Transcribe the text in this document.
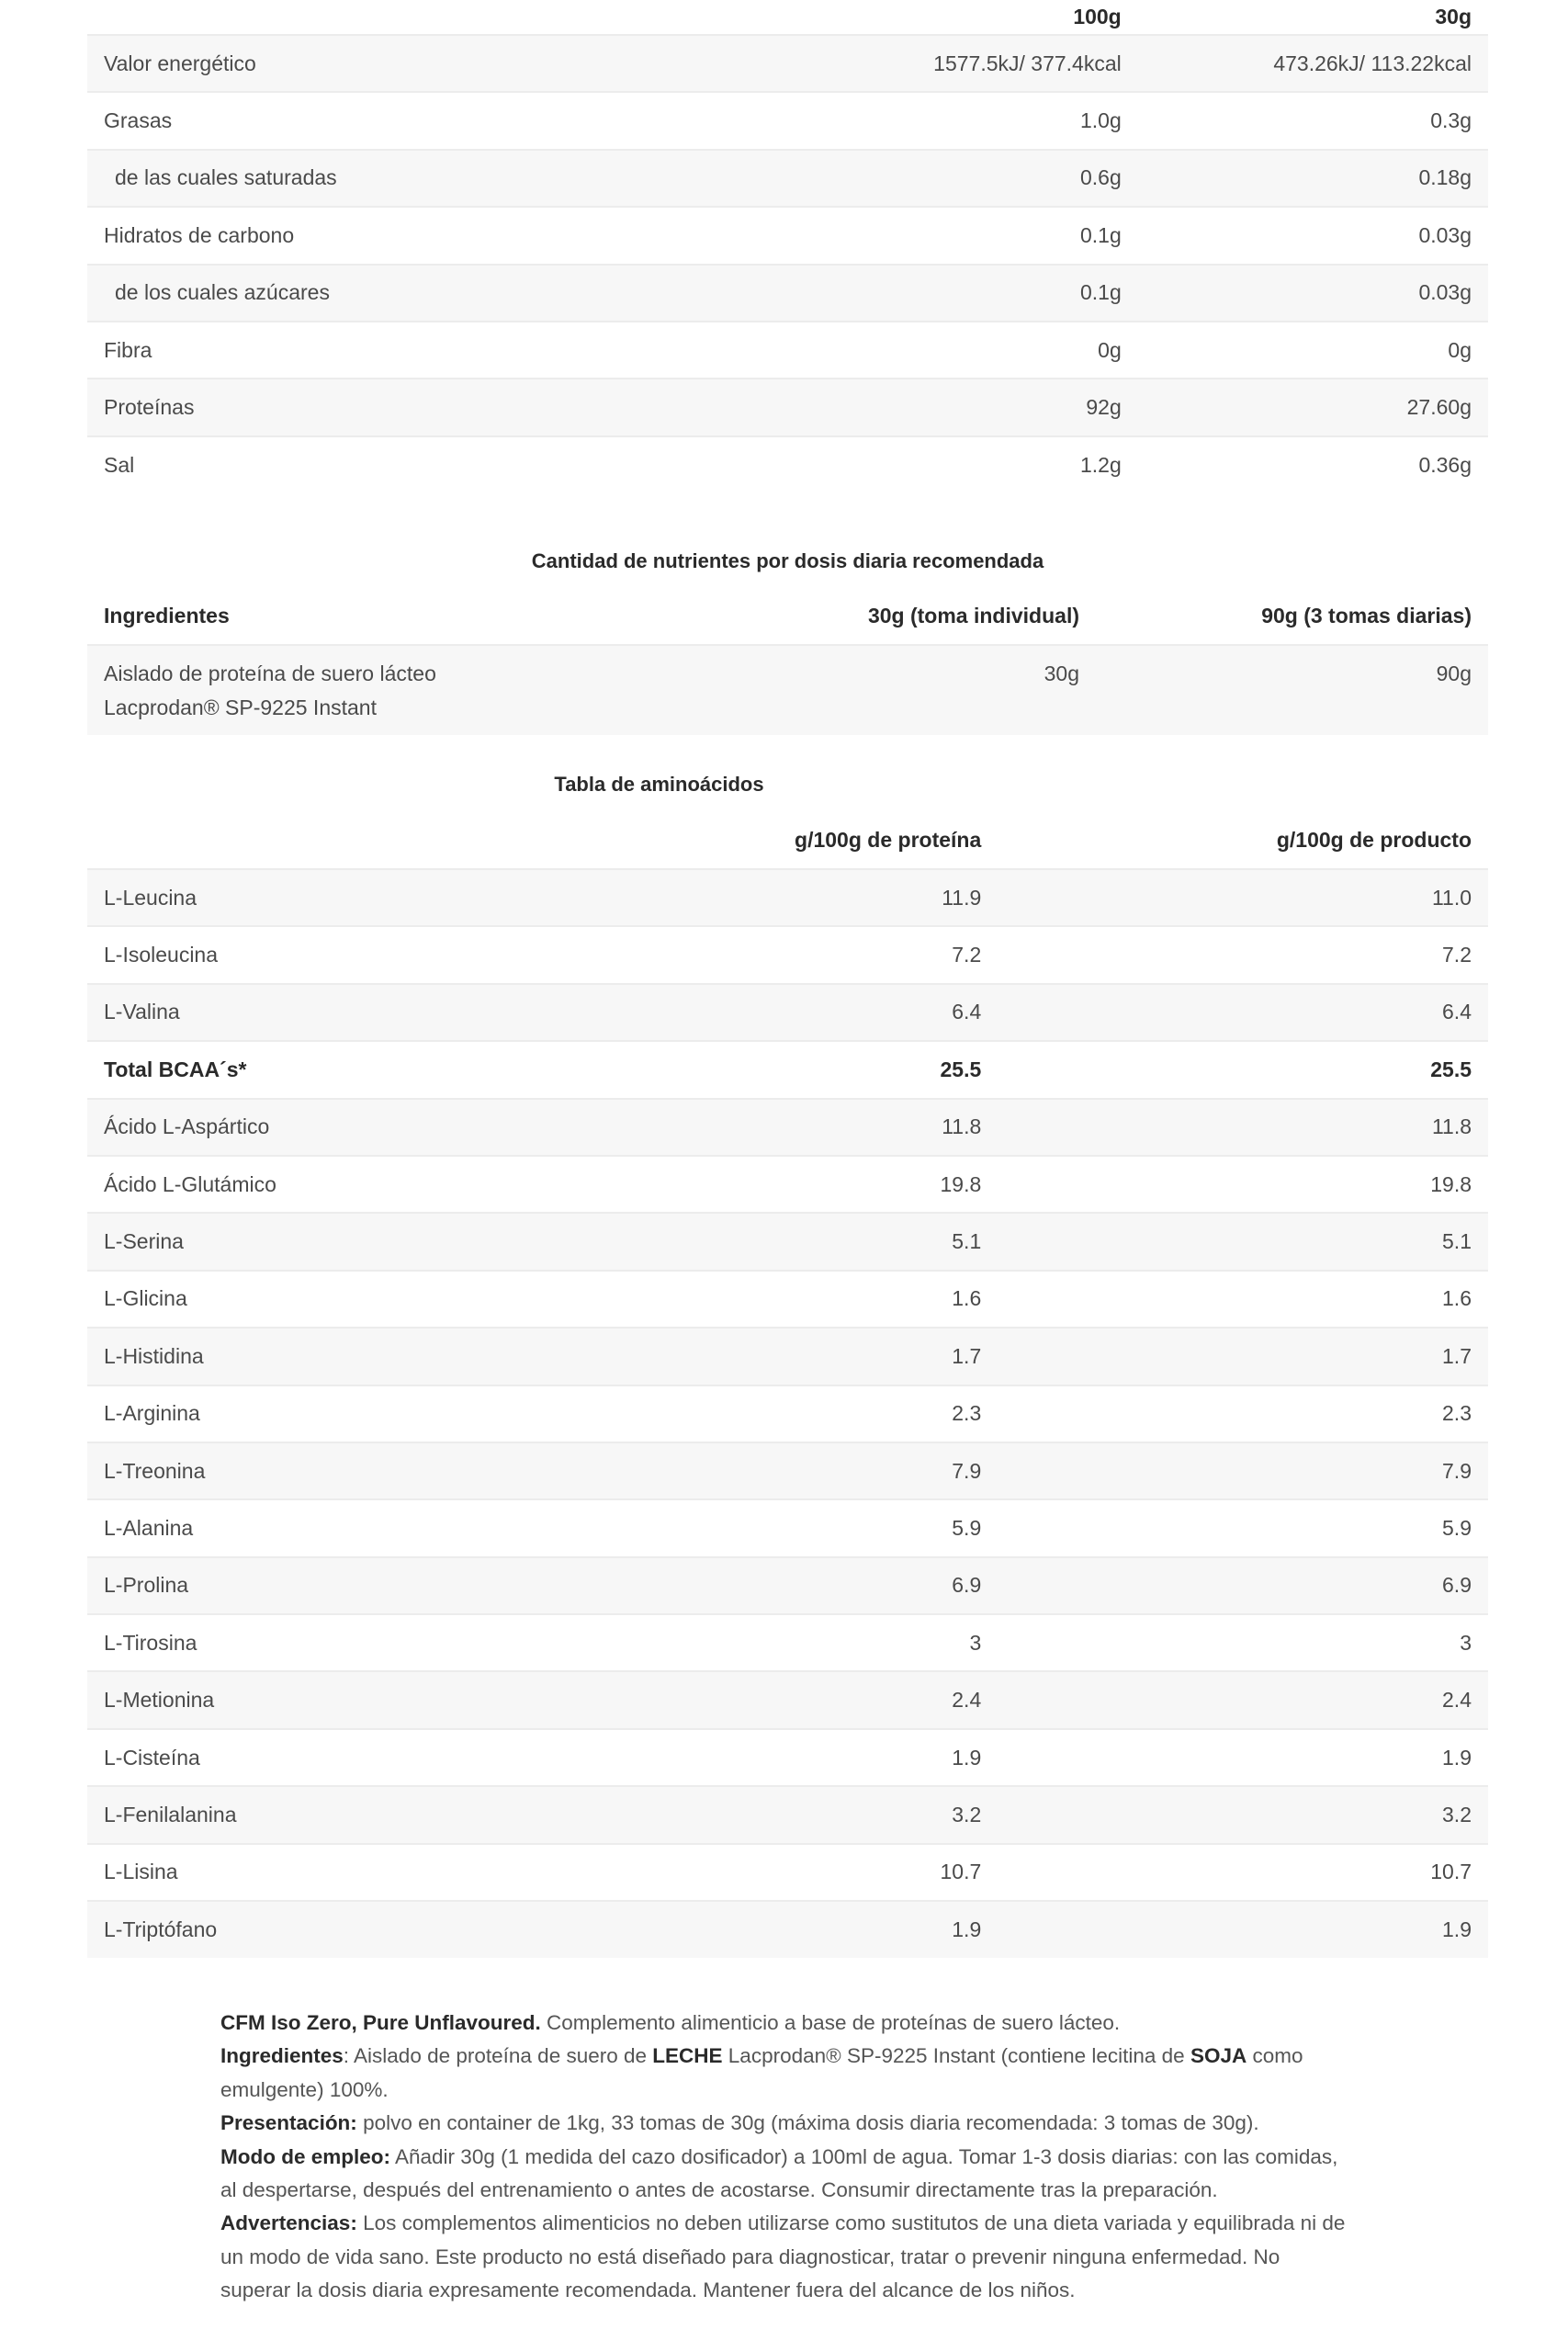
	100g	30g
Valor energético	1577.5kJ/ 377.4kcal	473.26kJ/ 113.22kcal
Grasas	1.0g	0.3g
de las cuales saturadas	0.6g	0.18g
Hidratos de carbono	0.1g	0.03g
de los cuales azúcares	0.1g	0.03g
Fibra	0g	0g
Proteínas	92g	27.60g
Sal	1.2g	0.36g
Cantidad de nutrientes por dosis diaria recomendada
Ingredientes	30g (toma individual)	90g (3 tomas diarias)

Aislado de proteína de suero lácteo
Lacprodan® SP-9225 Instant	30g	90g
Tabla de aminoácidos
	g/100g de proteína	g/100g de producto
L-Leucina	11.9	11.0
L-Isoleucina	7.2	7.2
L-Valina	6.4	6.4
Total BCAA´s*	25.5	25.5
Ácido L-Aspártico	11.8	11.8
Ácido L-Glutámico	19.8	19.8
L-Serina	5.1	5.1
L-Glicina	1.6	1.6
L-Histidina	1.7	1.7
L-Arginina	2.3	2.3
L-Treonina	7.9	7.9
L-Alanina	5.9	5.9
L-Prolina	6.9	6.9
L-Tirosina	3	3
L-Metionina	2.4	2.4
L-Cisteína	1.9	1.9
L-Fenilalanina	3.2	3.2
L-Lisina	10.7	10.7
L-Triptófano	1.9	1.9

CFM Iso Zero, Pure Unflavoured. Complemento alimenticio a base de proteínas de suero lácteo.

Ingredientes: Aislado de proteína de suero de LECHE Lacprodan® SP-9225 Instant (contiene lecitina de SOJA como emulgente) 100%.

Presentación: polvo en container de 1kg, 33 tomas de 30g (máxima dosis diaria recomendada: 3 tomas de 30g).

Modo de empleo: Añadir 30g (1 medida del cazo dosificador) a 100ml de agua. Tomar 1-3 dosis diarias: con las comidas, al despertarse, después del entrenamiento o antes de acostarse. Consumir directamente tras la preparación.

Advertencias: Los complementos alimenticios no deben utilizarse como sustitutos de una dieta variada y equilibrada ni de un modo de vida sano. Este producto no está diseñado para diagnosticar, tratar o prevenir ninguna enfermedad. No superar la dosis diaria expresamente recomendada. Mantener fuera del alcance de los niños.
